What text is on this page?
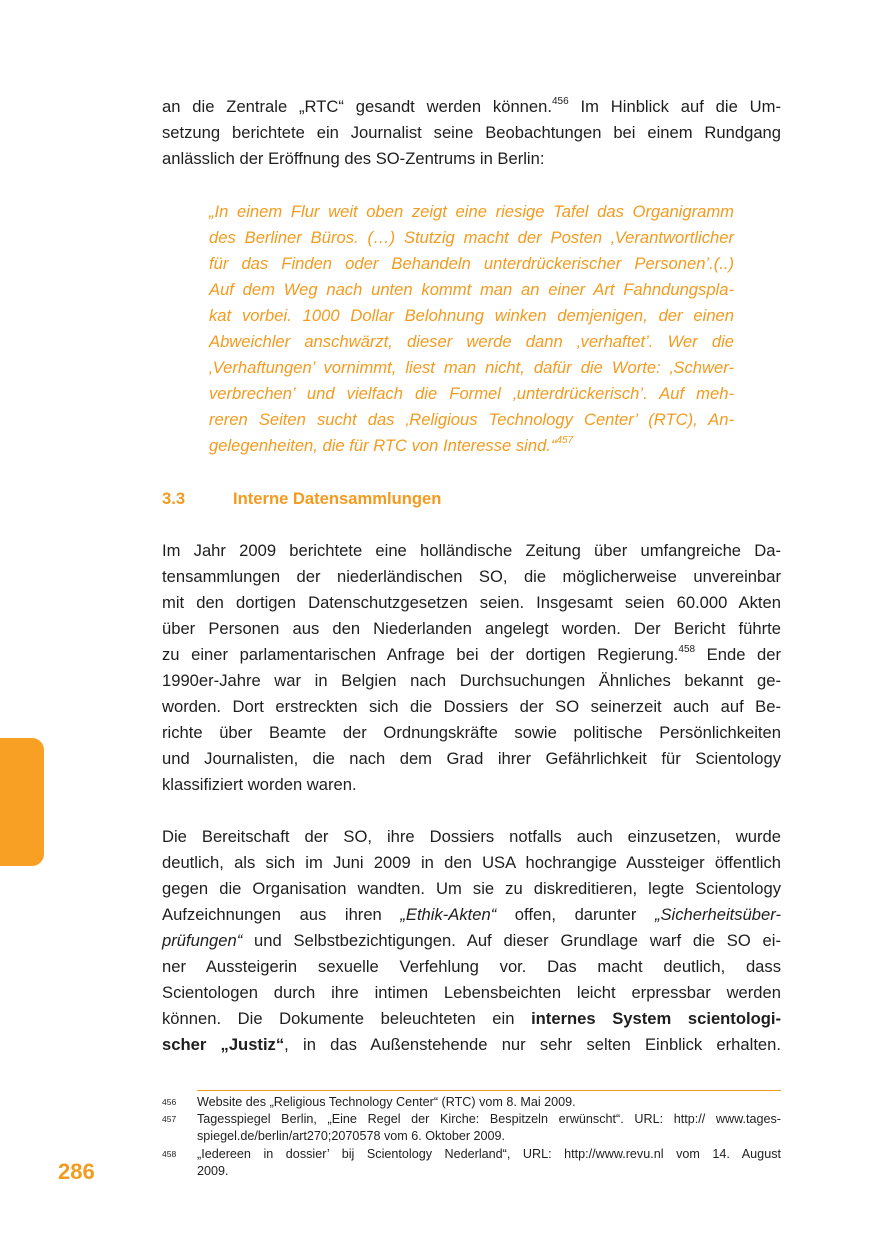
an die Zentrale „RTC“ gesandt werden können.$^{456}$ Im Hinblick auf die Um-
setzung berichtete ein Journalist seine Beobachtungen bei einem Rundgang
anlässlich der Eröffnung des SO-Zentrums in Berlin:
„In einem Flur weit oben zeigt eine riesige Tafel das Organigramm
des Berliner Büros. (…) Stutzig macht der Posten ‚Verantwortlicher
für das Finden oder Behandeln unterdrückerischer Personen’.(..)
Auf dem Weg nach unten kommt man an einer Art Fahndungspla-
kat vorbei. 1000 Dollar Belohnung winken demjenigen, der einen
Abweichler anschwärzt, dieser werde dann ‚verhaftet’. Wer die
‚Verhaftungen’ vornimmt, liest man nicht, dafür die Worte: ‚Schwer-
verbrechen’ und vielfach die Formel ‚unterdrückerisch’. Auf meh-
reren Seiten sucht das ‚Religious Technology Center’ (RTC), An-
gelegenheiten, die für RTC von Interesse sind.“$^{457}$
3.3	Interne Datensammlungen
Im Jahr 2009 berichtete eine holländische Zeitung über umfangreiche Da-
tensammlungen der niederländischen SO, die möglicherweise unvereinbar
mit den dortigen Datenschutzgesetzen seien. Insgesamt seien 60.000 Akten
über Personen aus den Niederlanden angelegt worden. Der Bericht führte
zu einer parlamentarischen Anfrage bei der dortigen Regierung.$^{458}$ Ende der
1990er-Jahre war in Belgien nach Durchsuchungen Ähnliches bekannt ge-
worden. Dort erstreckten sich die Dossiers der SO seinerzeit auch auf Be-
richte über Beamte der Ordnungskräfte sowie politische Persönlichkeiten
und Journalisten, die nach dem Grad ihrer Gefährlichkeit für Scientology
klassifiziert worden waren.
Die Bereitschaft der SO, ihre Dossiers notfalls auch einzusetzen, wurde
deutlich, als sich im Juni 2009 in den USA hochrangige Aussteiger öffentlich
gegen die Organisation wandten. Um sie zu diskreditieren, legte Scientology
Aufzeichnungen aus ihren „Ethik-Akten“ offen, darunter „Sicherheitsüber-
prüfungen“ und Selbstbezichtigungen. Auf dieser Grundlage warf die SO ei-
ner Aussteigerin sexuelle Verfehlung vor. Das macht deutlich, dass
Scientologen durch ihre intimen Lebensbeichten leicht erpressbar werden
können. Die Dokumente beleuchteten ein internes System scientologi-
scher „Justiz“, in das Außenstehende nur sehr selten Einblick erhalten.
456 Website des „Religious Technology Center“ (RTC) vom 8. Mai 2009.
457 Tagesspiegel Berlin, „Eine Regel der Kirche: Bespitzeln erwünscht“. URL: http:// www.tages-
spiegel.de/berlin/art270;2070578 vom 6. Oktober 2009.
458 „Iedereen in dossier’ bij Scientology Nederland“, URL: http://www.revu.nl vom 14. August
2009.
286
